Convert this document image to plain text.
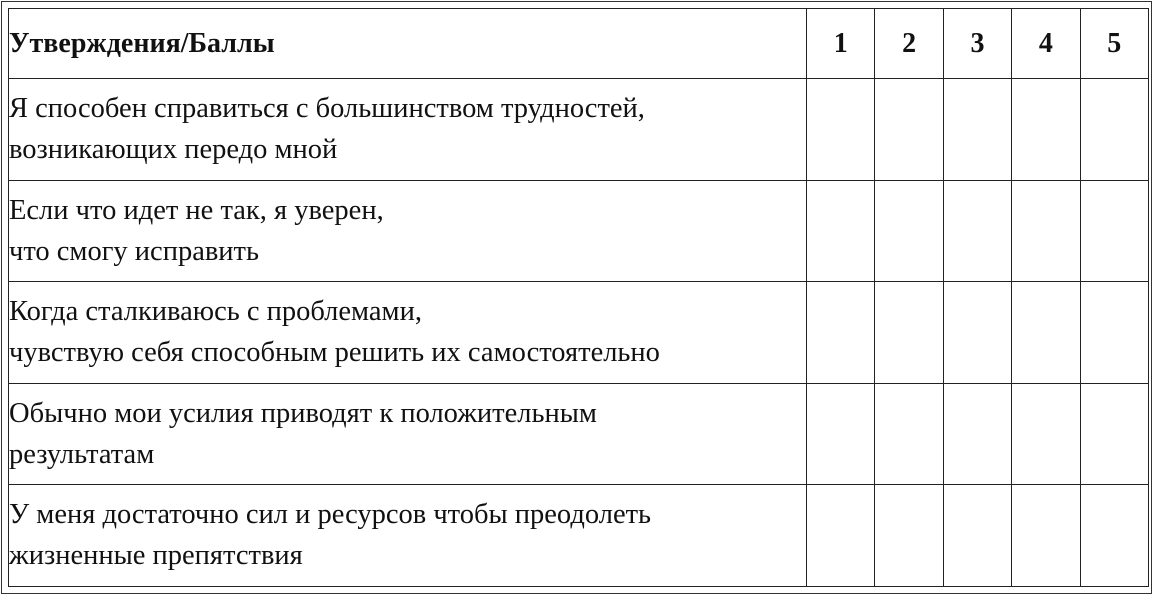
Утверждения/Баллы	1	2	3	4	5

Я способен справиться с большинством трудностей,
возникающих передо мной					

Если что идет не так, я уверен,
что смогу исправить					

Когда сталкиваюсь с проблемами,
чувствую себя способным решить их самостоятельно					

Обычно мои усилия приводят к положительным
результатам					

У меня достаточно сил и ресурсов чтобы преодолеть
жизненные препятствия					
